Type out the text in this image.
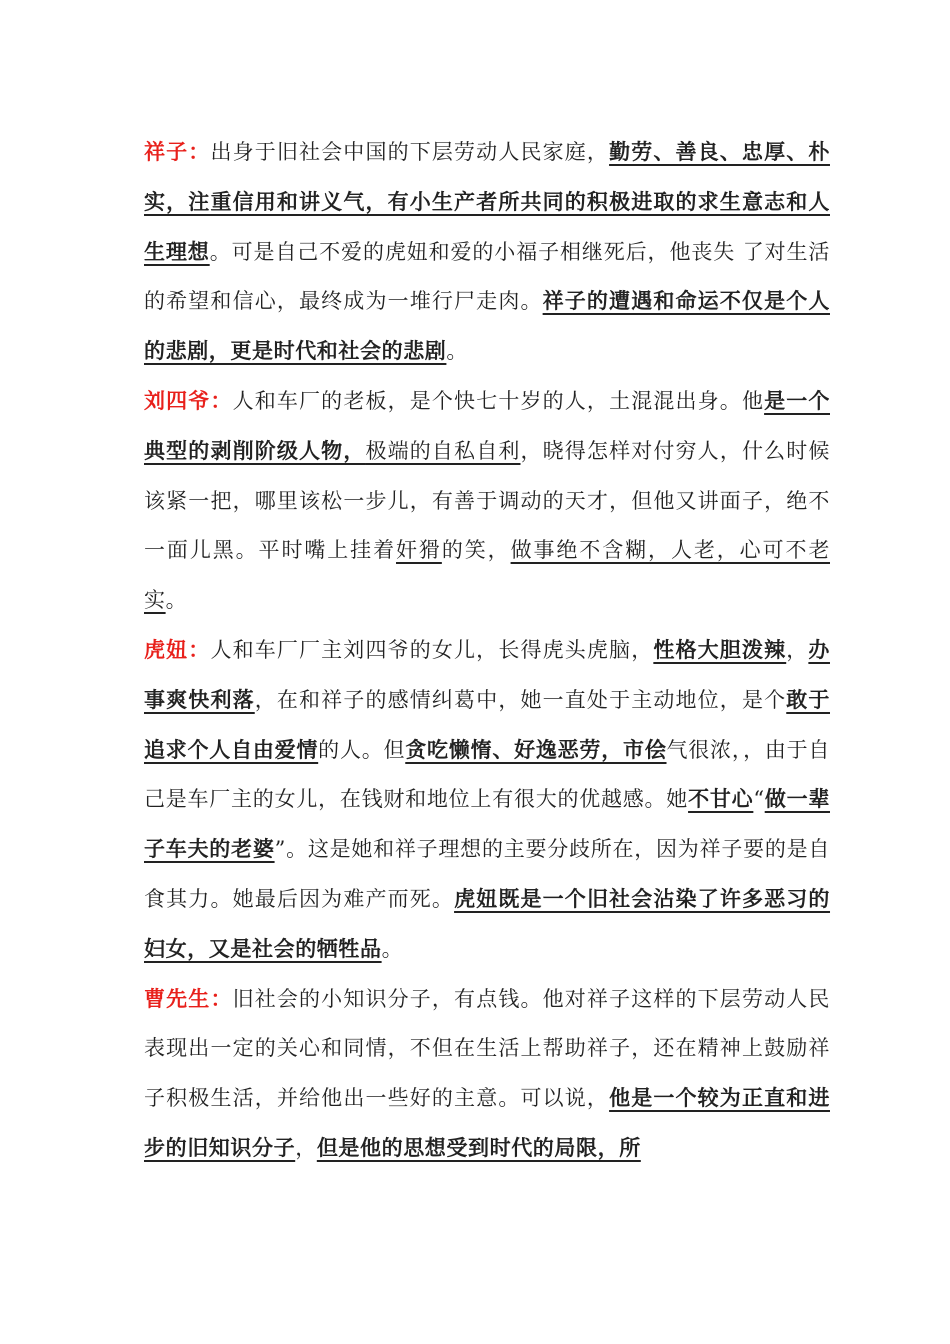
祥子：出身于旧社会中国的下层劳动人民家庭，勤劳、善良、忠厚、朴实，注重信用和讲义气，有小生产者所共同的积极进取的求生意志和人生理想。可是自己不爱的虎妞和爱的小福子相继死后，他丧失 了对生活的希望和信心，最终成为一堆行尸走肉。祥子的遭遇和命运不仅是个人的悲剧，更是时代和社会的悲剧。

刘四爷：人和车厂的老板，是个快七十岁的人，土混混出身。他是一个典型的剥削阶级人物，极端的自私自利，晓得怎样对付穷人，什么时候该紧一把，哪里该松一步儿，有善于调动的天才，但他又讲面子，绝不一面儿黑。平时嘴上挂着奸猾的笑，做事绝不含糊，人老，心可不老实。

虎妞：人和车厂厂主刘四爷的女儿，长得虎头虎脑，性格大胆泼辣，办事爽快利落，在和祥子的感情纠葛中，她一直处于主动地位，是个敢于追求个人自由爱情的人。但贪吃懒惰、好逸恶劳，市侩气很浓，，由于自己是车厂主的女儿，在钱财和地位上有很大的优越感。她不甘心“做一辈子车夫的老婆”。这是她和祥子理想的主要分歧所在，因为祥子要的是自食其力。她最后因为难产而死。虎妞既是一个旧社会沾染了许多恶习的妇女，又是社会的牺牲品。

曹先生：旧社会的小知识分子，有点钱。他对祥子这样的下层劳动人民表现出一定的关心和同情，不但在生活上帮助祥子，还在精神上鼓励祥子积极生活，并给他出一些好的主意。可以说，他是一个较为正直和进步的旧知识分子，但是他的思想受到时代的局限，所
